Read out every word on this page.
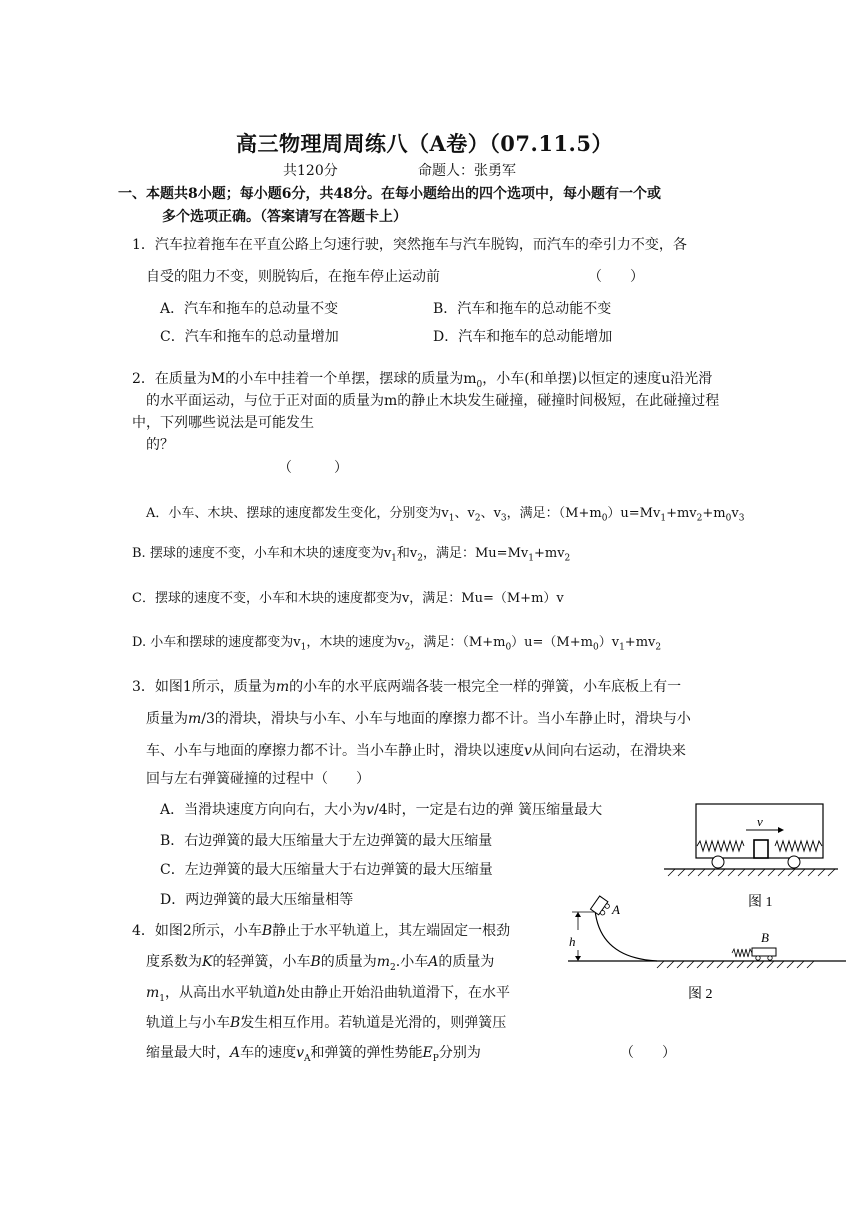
高三物理周周练八（A卷）（07.11.5）
共120分	命题人：张勇军
一、本题共8小题；每小题6分，共48分。在每小题给出的四个选项中，每小题有一个或
多个选项正确。（答案请写在答题卡上）
1．汽车拉着拖车在平直公路上匀速行驶，突然拖车与汽车脱钩，而汽车的牵引力不变，各
自受的阻力不变，则脱钩后，在拖车停止运动前	（　　）
A．汽车和拖车的总动量不变	B．汽车和拖车的总动能不变
C．汽车和拖车的总动量增加	D．汽车和拖车的总动能增加
2．在质量为M的小车中挂着一个单摆，摆球的质量为$m_0$，小车(和单摆)以恒定的速度u沿光滑
的水平面运动，与位于正对面的质量为m的静止木块发生碰撞，碰撞时间极短，在此碰撞过程
中，下列哪些说法是可能发生
的？
（　　　）
A．小车、木块、摆球的速度都发生变化，分别变为$v_1$、$v_2$、$v_3$，满足：$(M+m_0)u=Mv_1+mv_2+m_0v_3$
B. 摆球的速度不变，小车和木块的速度变为$v_1$和$v_2$，满足：$Mu=Mv_1+mv_2$
C．摆球的速度不变，小车和木块的速度都变为v，满足：Mu=（M+m）v
D. 小车和摆球的速度都变为$v_1$，木块的速度为$v_2$，满足：$(M+m_0)u=(M+m_0)v_1+mv_2$
3．如图1所示，质量为m的小车的水平底两端各装一根完全一样的弹簧，小车底板上有一
质量为m/3的滑块，滑块与小车、小车与地面的摩擦力都不计。当小车静止时，滑块与小
车、小车与地面的摩擦力都不计。当小车静止时，滑块以速度v从间向右运动，在滑块来
回与左右弹簧碰撞的过程中（　　）
A．当滑块速度方向向右，大小为v/4时，一定是右边的弹 簧压缩量最大
B．右边弹簧的最大压缩量大于左边弹簧的最大压缩量
C．左边弹簧的最大压缩量大于右边弹簧的最大压缩量
D．两边弹簧的最大压缩量相等
v
图 1
h
A
B
图 2
4．如图2所示，小车B静止于水平轨道上，其左端固定一根劲
度系数为K的轻弹簧，小车B的质量为$m_2$.小车A的质量为
$m_1$，从高出水平轨道h处由静止开始沿曲轨道滑下，在水平
轨道上与小车B发生相互作用。若轨道是光滑的，则弹簧压
缩量最大时，A车的速度$v_A$和弹簧的弹性势能$E_P$分别为	（　　）
